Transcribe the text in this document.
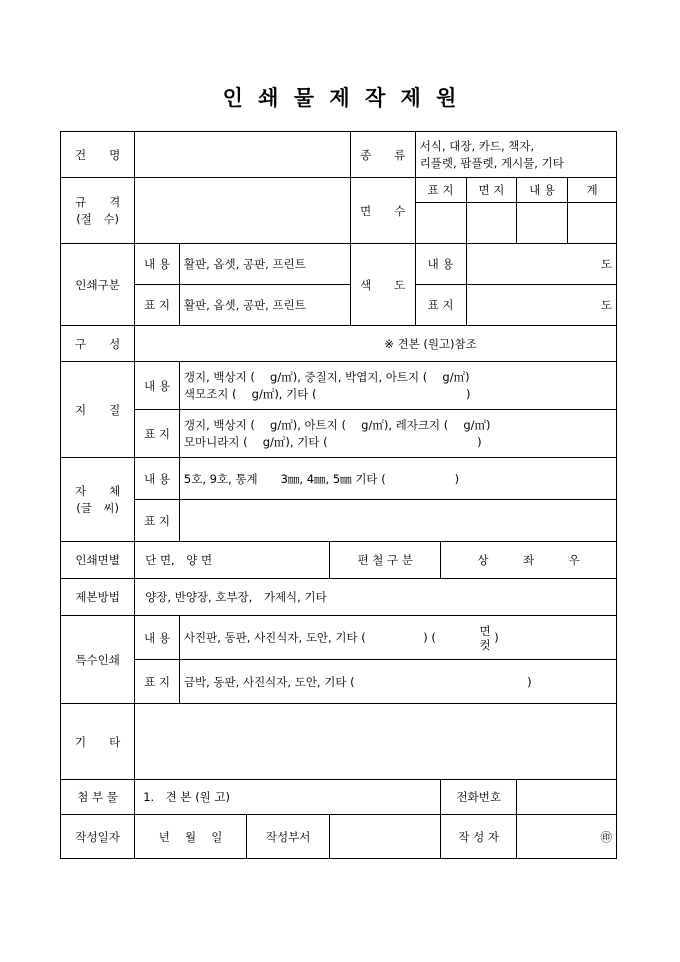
인 쇄 물 제 작 제 원
건　　명					종　　류	서식, 대장, 카드, 책자,
리플렛, 팜플렛, 게시물, 기타				
규　　격
(절　수)					면　　수	표 지		면 지	내 용	계

인쇄구분	내 용	활판, 옵셋, 공판, 프린트			색　　도	내 용		도		
	표 지	활판, 옵셋, 공판, 프린트				표 지		도		
구　　성	※ 견본 (원고)참조									
지　　질	내 용	갱지, 백상지 (　 g/㎡), 중질지, 박엽지, 아트지 (　 g/㎡)
색모조지 (　 g/㎡), 기타 (　　　　　　　　　　　　　)								
	표 지	갱지, 백상지 (　 g/㎡), 아트지 (　 g/㎡), 레자크지 (　 g/㎡)
모마니라지 (　 g/㎡), 기타 (　　　　　　　　　　　　　)								
자　　체
(글　씨)	내 용	5호, 9호, 통계　　3㎜, 4㎜, 5㎜ 기타 (　　　　　　)								
	표 지									
인쇄면별	단 면,　양 면			편 철 구 분			상　　　좌　　　우			
제본방법	양장, 반양장, 호부장,　가제식, 기타									
특수인쇄	내 용	사진판, 동판, 사진식자, 도안, 기타 (　　　　　) ( 면
컷 )								
	표 지	금박, 동판, 사진식자, 도안, 기타 (　　　　　　　　　　　　　　　)								
기　　타										
첨 부 물	1.　견 본 (원 고)						전화번호			
작성일자	년　 월　 일		작성부서				작 성 자		㊞	
